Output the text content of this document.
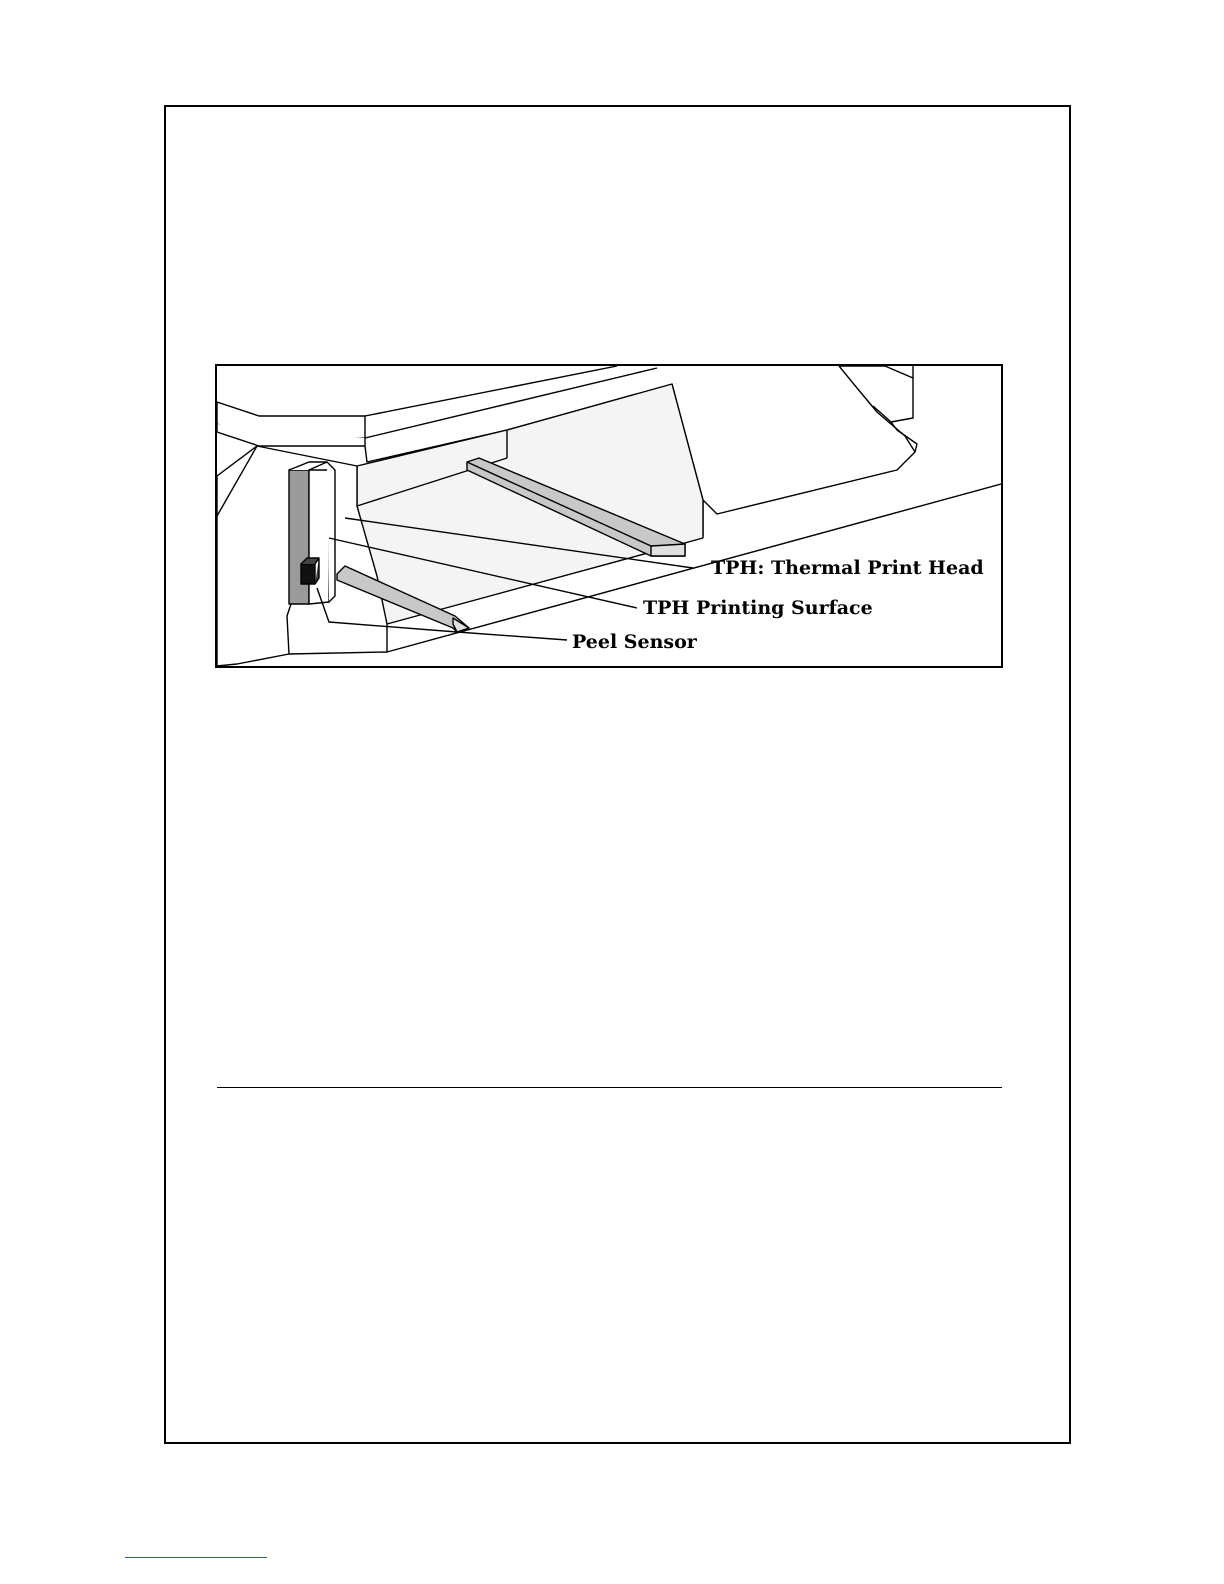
TPH: Thermal Print Head
TPH Printing Surface
Peel Sensor
